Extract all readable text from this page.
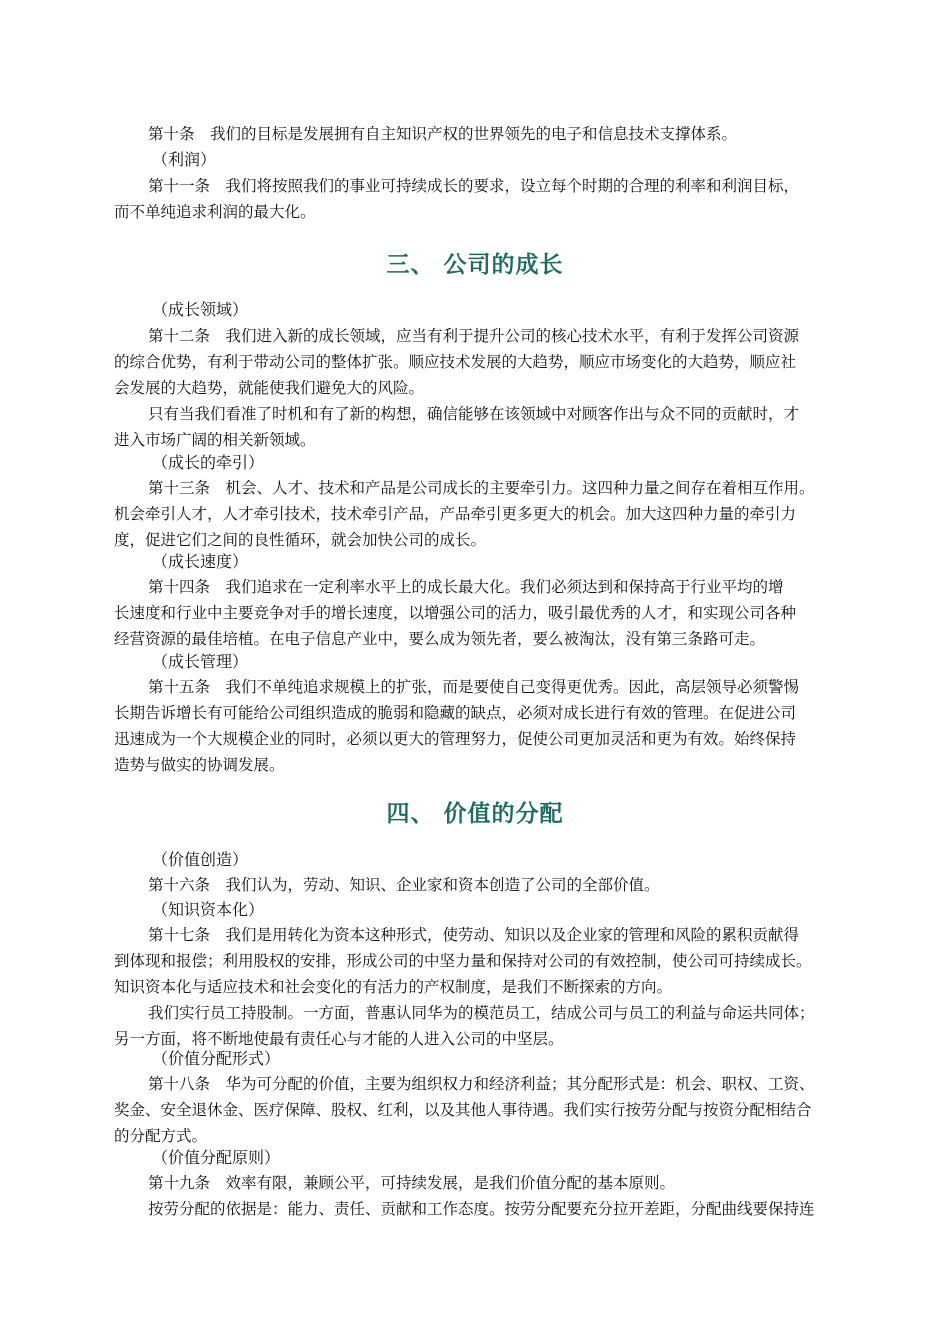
第十条　我们的目标是发展拥有自主知识产权的世界领先的电子和信息技术支撑体系。
（利润）
第十一条　我们将按照我们的事业可持续成长的要求，设立每个时期的合理的利率和利润目标，
而不单纯追求利润的最大化。
三、 公司的成长
（成长领域）
第十二条　我们进入新的成长领域，应当有利于提升公司的核心技术水平，有利于发挥公司资源
的综合优势，有利于带动公司的整体扩张。顺应技术发展的大趋势，顺应市场变化的大趋势，顺应社
会发展的大趋势，就能使我们避免大的风险。
只有当我们看准了时机和有了新的构想，确信能够在该领域中对顾客作出与众不同的贡献时，才
进入市场广阔的相关新领域。
（成长的牵引）
第十三条　机会、人才、技术和产品是公司成长的主要牵引力。这四种力量之间存在着相互作用。
机会牵引人才，人才牵引技术，技术牵引产品，产品牵引更多更大的机会。加大这四种力量的牵引力
度，促进它们之间的良性循环，就会加快公司的成长。
（成长速度）
第十四条　我们追求在一定利率水平上的成长最大化。我们必须达到和保持高于行业平均的增
长速度和行业中主要竞争对手的增长速度，以增强公司的活力，吸引最优秀的人才，和实现公司各种
经营资源的最佳培植。在电子信息产业中，要么成为领先者，要么被淘汰，没有第三条路可走。
（成长管理）
第十五条　我们不单纯追求规模上的扩张，而是要使自己变得更优秀。因此，高层领导必须警惕
长期告诉增长有可能给公司组织造成的脆弱和隐藏的缺点，必须对成长进行有效的管理。在促进公司
迅速成为一个大规模企业的同时，必须以更大的管理努力，促使公司更加灵活和更为有效。始终保持
造势与做实的协调发展。
四、 价值的分配
（价值创造）
第十六条　我们认为，劳动、知识、企业家和资本创造了公司的全部价值。
（知识资本化）
第十七条　我们是用转化为资本这种形式，使劳动、知识以及企业家的管理和风险的累积贡献得
到体现和报偿；利用股权的安排，形成公司的中坚力量和保持对公司的有效控制，使公司可持续成长。
知识资本化与适应技术和社会变化的有活力的产权制度，是我们不断探索的方向。
我们实行员工持股制。一方面，普惠认同华为的模范员工，结成公司与员工的利益与命运共同体；
另一方面，将不断地使最有责任心与才能的人进入公司的中坚层。
（价值分配形式）
第十八条　华为可分配的价值，主要为组织权力和经济利益；其分配形式是：机会、职权、工资、
奖金、安全退休金、医疗保障、股权、红利，以及其他人事待遇。我们实行按劳分配与按资分配相结合
的分配方式。
（价值分配原则）
第十九条　效率有限，兼顾公平，可持续发展，是我们价值分配的基本原则。
按劳分配的依据是：能力、责任、贡献和工作态度。按劳分配要充分拉开差距，分配曲线要保持连
